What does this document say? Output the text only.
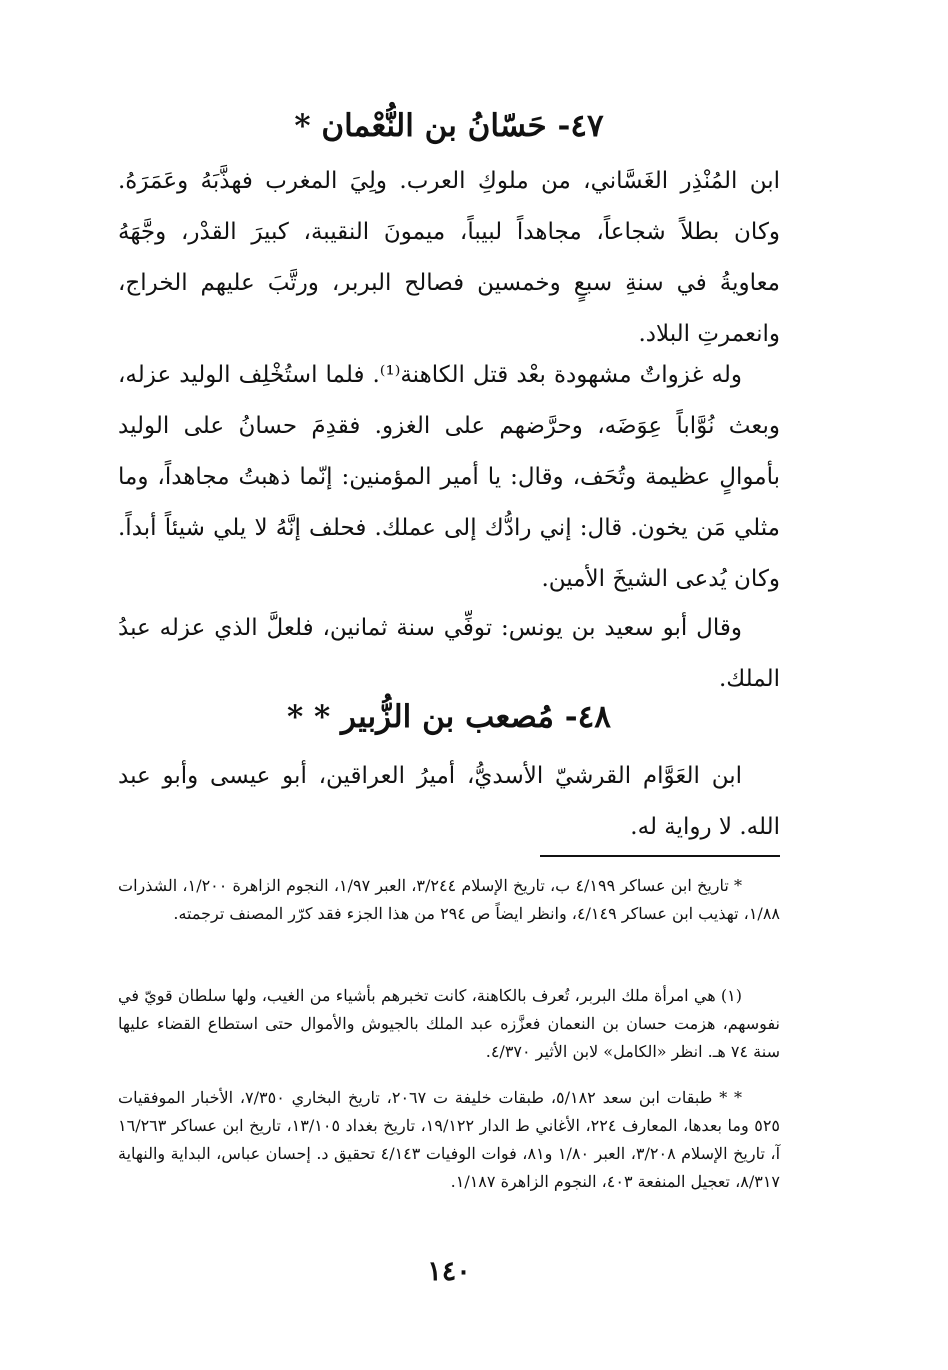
٤٧- حَسّانُ بن النُّعْمان *

ابن المُنْذِر الغَسَّاني، من ملوكِ العرب. ولِيَ المغرب فهذَّبَهُ وعَمَرَهُ. وكان بطلاً شجاعاً، مجاهداً لبيباً، ميمونَ النقيبة، كبيرَ القدْر، وجَّهَهُ معاويةُ في سنةِ سبعٍ وخمسين فصالح البربر، ورتَّبَ عليهم الخراج، وانعمرتِ البلاد.

وله غزواتٌ مشهودة بعْد قتل الكاهنة⁽¹⁾. فلما استُخْلِف الوليد عزله، وبعث نُوَّاباً عِوَضَه، وحرَّضهم على الغزو. فقدِمَ حسانُ على الوليد بأموالٍ عظيمة وتُحَف، وقال: يا أمير المؤمنين: إنّما ذهبتُ مجاهداً، وما مثلي مَن يخون. قال: إني رادُّك إلى عملك. فحلف إنَّهُ لا يلي شيئاً أبداً. وكان يُدعى الشيخَ الأمين.

وقال أبو سعيد بن يونس: توفِّي سنة ثمانين، فلعلَّ الذي عزله عبدُ الملك.

٤٨- مُصعب بن الزُّبير * *

ابن العَوَّام القرشيّ الأسديُّ، أميرُ العراقين، أبو عيسى وأبو عبد الله. لا رواية له.

* تاريخ ابن عساكر ٤/١٩٩ ب، تاريخ الإسلام ٣/٢٤٤، العبر ١/٩٧، النجوم الزاهرة ١/٢٠٠، الشذرات ١/٨٨، تهذيب ابن عساكر ٤/١٤٩، وانظر ايضاً ص ٢٩٤ من هذا الجزء فقد كرّر المصنف ترجمته.

(١) هي امرأة ملك البربر، تُعرف بالكاهنة، كانت تخبرهم بأشياء من الغيب، ولها سلطان قويّ في نفوسهم، هزمت حسان بن النعمان فعزَّزه عبد الملك بالجيوش والأموال حتى استطاع القضاء عليها سنة ٧٤ هـ. انظر «الكامل» لابن الأثير ٤/٣٧٠.

* * طبقات ابن سعد ٥/١٨٢، طبقات خليفة ت ٢٠٦٧، تاريخ البخاري ٧/٣٥٠، الأخبار الموفقيات ٥٢٥ وما بعدها، المعارف ٢٢٤، الأغاني ط الدار ١٩/١٢٢، تاريخ بغداد ١٣/١٠٥، تاريخ ابن عساكر ١٦/٢٦٣ آ، تاريخ الإسلام ٣/٢٠٨، العبر ١/٨٠ و٨١، فوات الوفيات ٤/١٤٣ تحقيق د. إحسان عباس، البداية والنهاية ٨/٣١٧، تعجيل المنفعة ٤٠٣، النجوم الزاهرة ١/١٨٧.

١٤٠
